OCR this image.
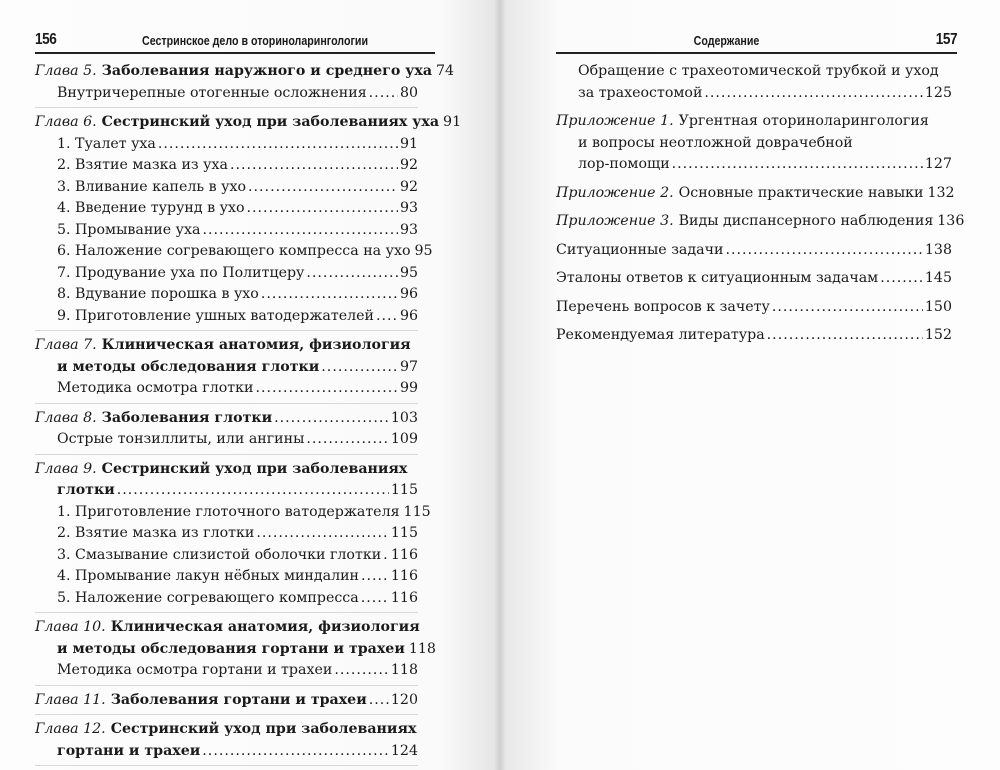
156	Сестринское дело в оториноларингологии
Глава 5. Заболевания наружного и среднего уха 74
Внутричерепные отогенные осложнения ..... 80
Глава 6. Сестринский уход при заболеваниях уха 91
1. Туалет уха .....	91
2. Взятие мазка из уха .....	92
3. Вливание капель в ухо .....	92
4. Введение турунд в ухо .....	93
5. Промывание уха .....	93
6. Наложение согревающего компресса на ухо 95
7. Продувание уха по Политцеру .....	95
8. Вдувание порошка в ухо .....	96
9. Приготовление ушных ватодержателей ..... 96
Глава 7. Клиническая анатомия, физиология
и методы обследования глотки .....	97
Методика осмотра глотки .....	99
Глава 8. Заболевания глотки .....	103
Острые тонзиллиты, или ангины .....	109
Глава 9. Сестринский уход при заболеваниях
глотки .....	115
1. Приготовление глоточного ватодержателя 115
2. Взятие мазка из глотки .....	115
3. Смазывание слизистой оболочки глотки ..... 116
4. Промывание лакун нёбных миндалин ..... 116
5. Наложение согревающего компресса ..... 116
Глава 10. Клиническая анатомия, физиология
и методы обследования гортани и трахеи 118
Методика осмотра гортани и трахеи .....	118
Глава 11. Заболевания гортани и трахеи ..... 120
Глава 12. Сестринский уход при заболеваниях
гортани и трахеи .....	124
Содержание	157
Обращение с трахеотомической трубкой и уход
за трахеостомой .....	125
Приложение 1. Ургентная оториноларингология
и вопросы неотложной доврачебной
лор-помощи .....	127
Приложение 2. Основные практические навыки 132
Приложение 3. Виды диспансерного наблюдения 136
Ситуационные задачи .....	138
Эталоны ответов к ситуационным задачам .....	145
Перечень вопросов к зачету .....	150
Рекомендуемая литература .....	152
